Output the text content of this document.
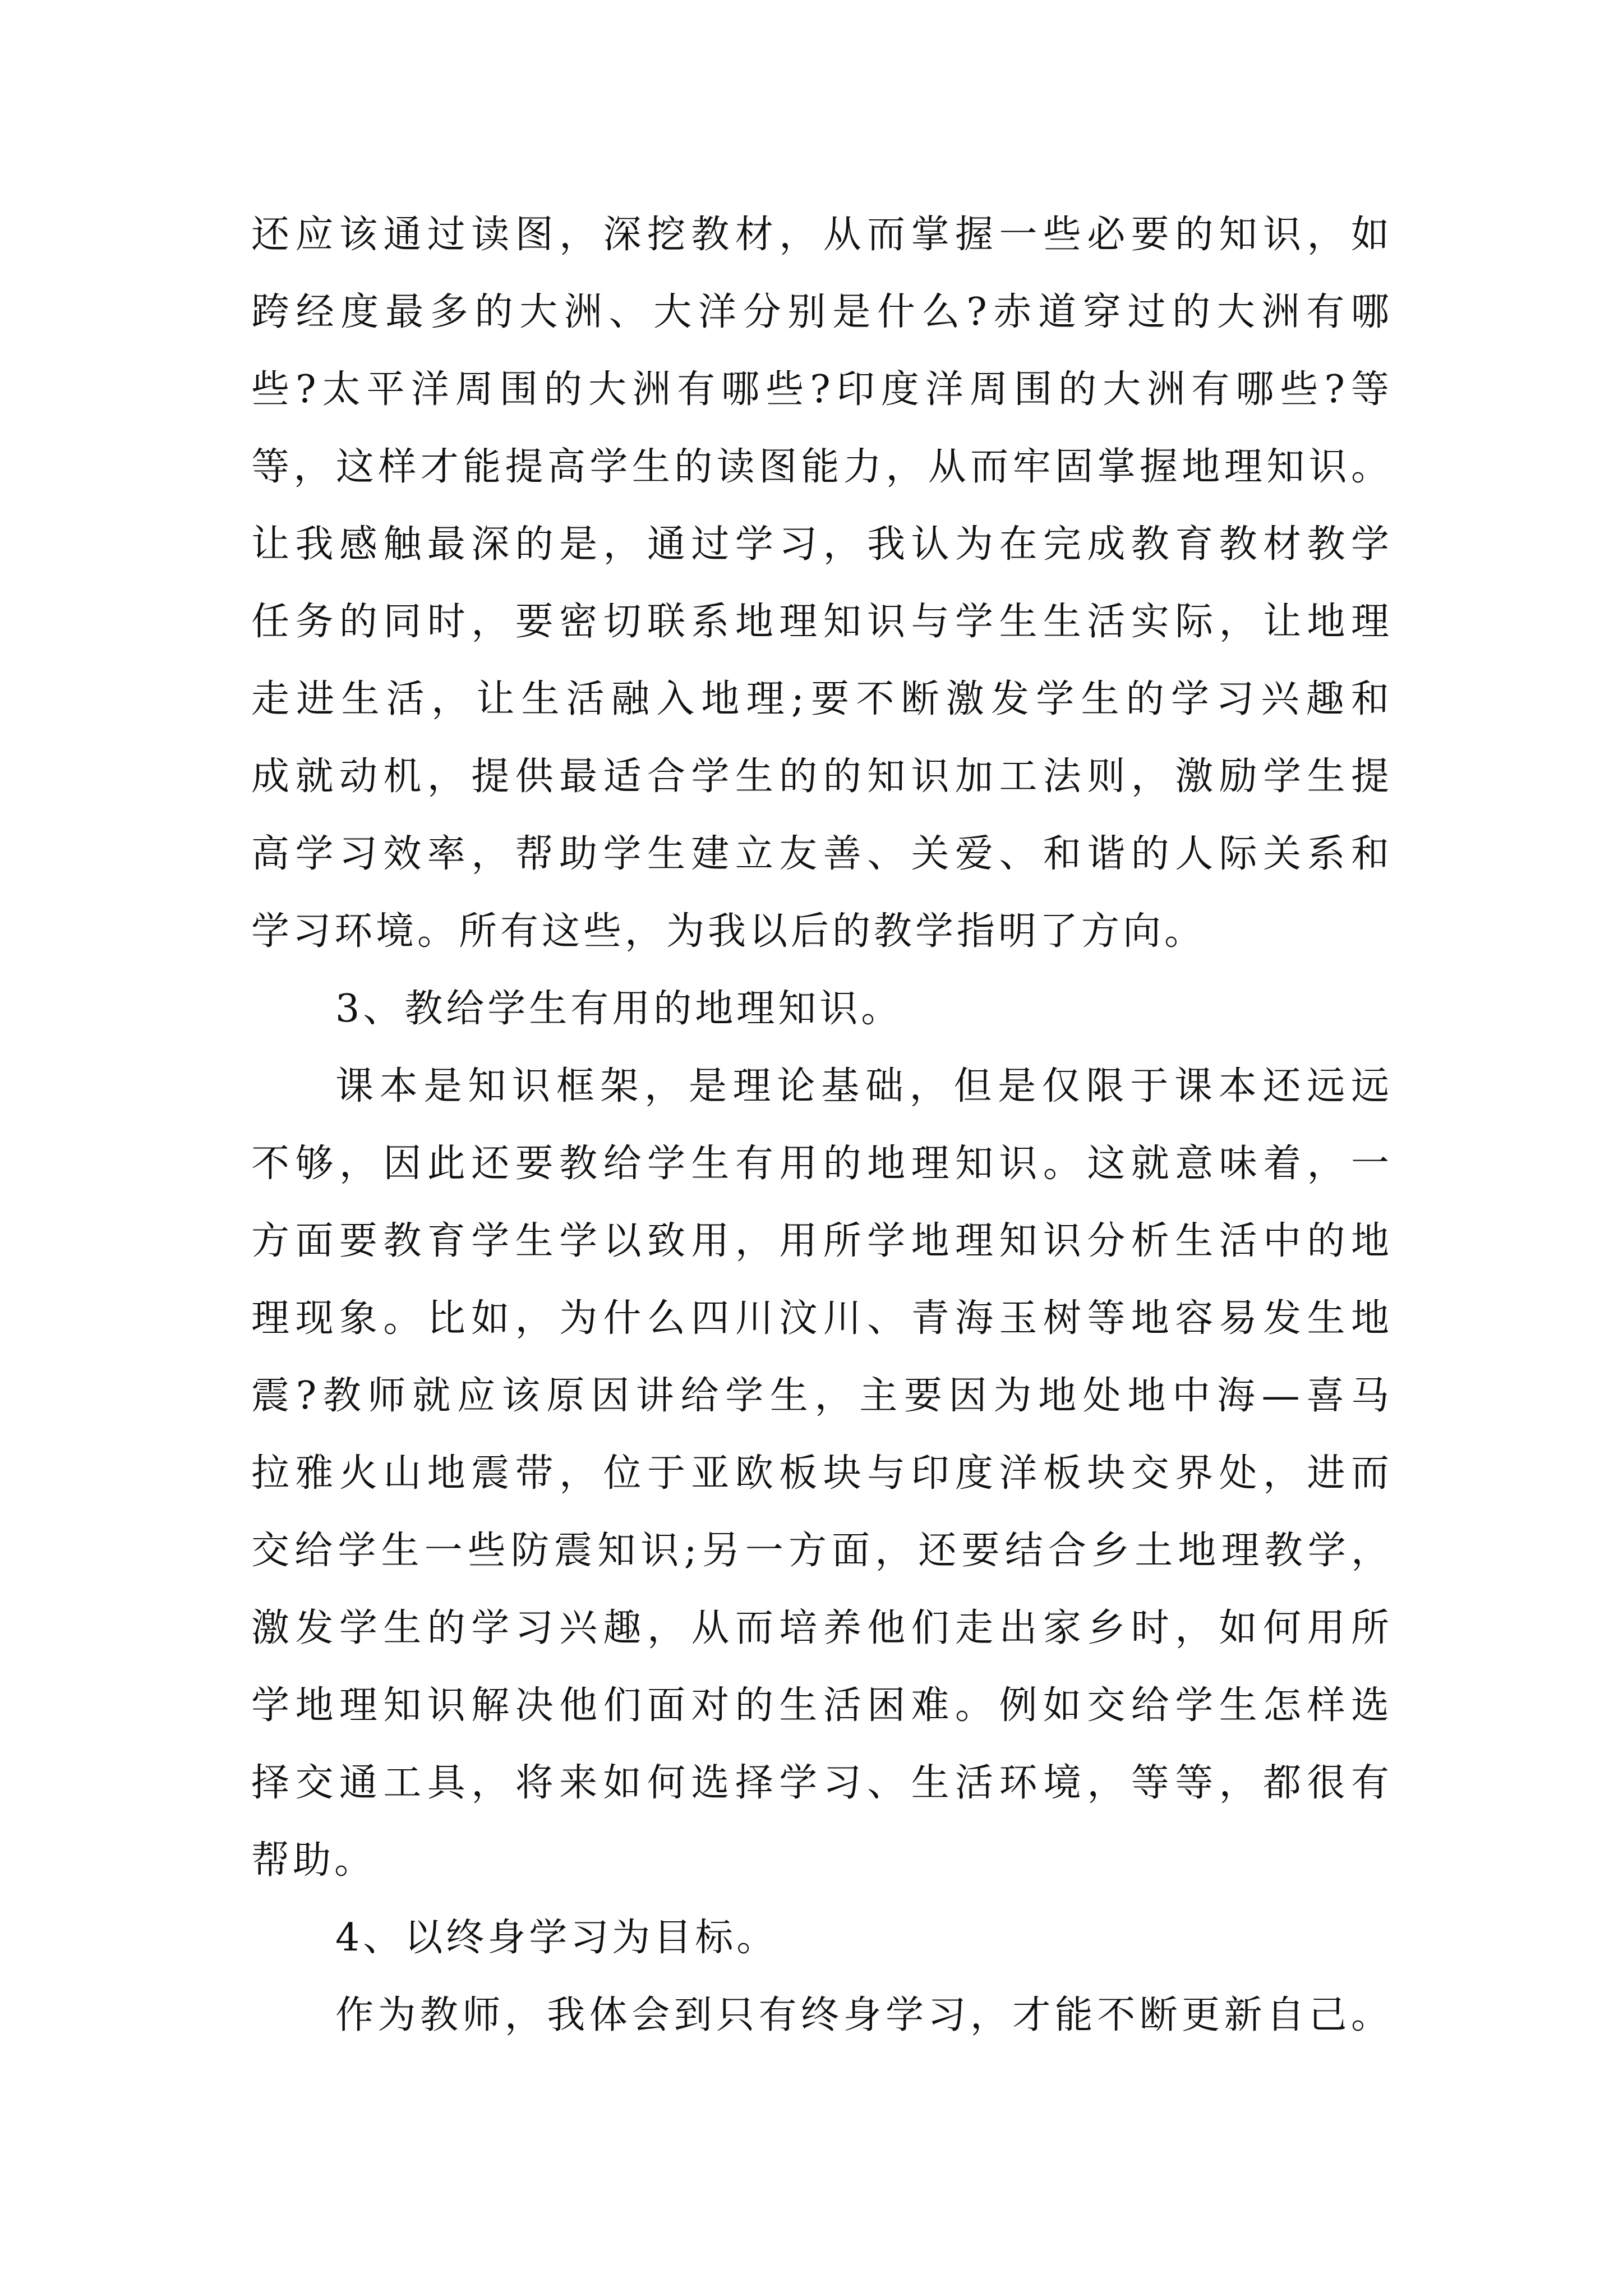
还应该通过读图，深挖教材，从而掌握一些必要的知识，如
跨经度最多的大洲、大洋分别是什么?赤道穿过的大洲有哪
些?太平洋周围的大洲有哪些?印度洋周围的大洲有哪些?等
等，这样才能提高学生的读图能力，从而牢固掌握地理知识。
让我感触最深的是，通过学习，我认为在完成教育教材教学
任务的同时，要密切联系地理知识与学生生活实际，让地理
走进生活，让生活融入地理;要不断激发学生的学习兴趣和
成就动机，提供最适合学生的的知识加工法则，激励学生提
高学习效率，帮助学生建立友善、关爱、和谐的人际关系和
学习环境。所有这些，为我以后的教学指明了方向。
3、教给学生有用的地理知识。
课本是知识框架，是理论基础，但是仅限于课本还远远
不够，因此还要教给学生有用的地理知识。这就意味着，一
方面要教育学生学以致用，用所学地理知识分析生活中的地
理现象。比如，为什么四川汶川、青海玉树等地容易发生地
震?教师就应该原因讲给学生，主要因为地处地中海—喜马
拉雅火山地震带，位于亚欧板块与印度洋板块交界处，进而
交给学生一些防震知识;另一方面，还要结合乡土地理教学，
激发学生的学习兴趣，从而培养他们走出家乡时，如何用所
学地理知识解决他们面对的生活困难。例如交给学生怎样选
择交通工具，将来如何选择学习、生活环境，等等，都很有
帮助。
4、以终身学习为目标。
作为教师，我体会到只有终身学习，才能不断更新自己。
